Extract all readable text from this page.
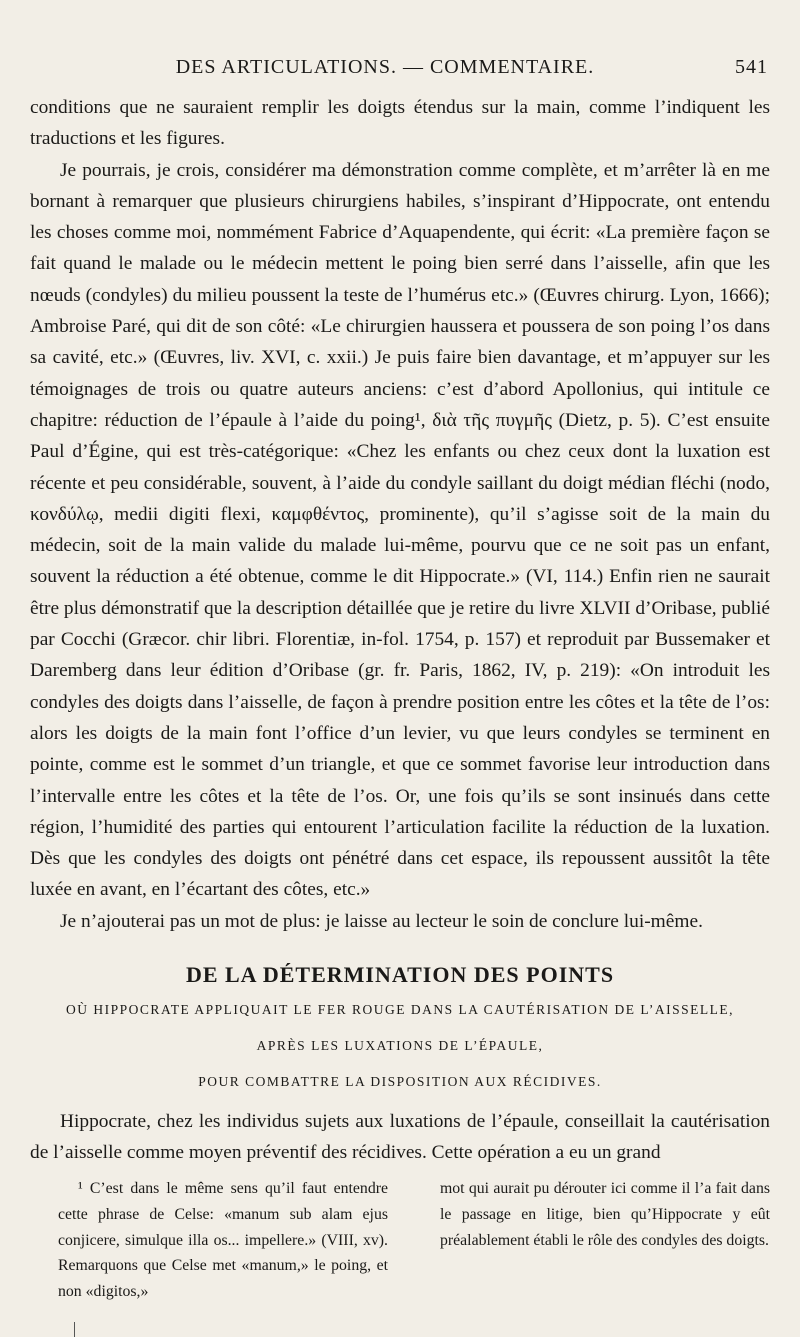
DES ARTICULATIONS. — COMMENTAIRE.	541

conditions que ne sauraient remplir les doigts étendus sur la main, comme l’indiquent les traductions et les figures.

Je pourrais, je crois, considérer ma démonstration comme complète, et m’arrêter là en me bornant à remarquer que plusieurs chirurgiens habiles, s’inspirant d’Hippocrate, ont entendu les choses comme moi, nommément Fabrice d’Aquapendente, qui écrit: «La première façon se fait quand le malade ou le médecin mettent le poing bien serré dans l’aisselle, afin que les nœuds (condyles) du milieu poussent la teste de l’humérus etc.» (Œuvres chirurg. Lyon, 1666); Ambroise Paré, qui dit de son côté: «Le chirurgien haussera et poussera de son poing l’os dans sa cavité, etc.» (Œuvres, liv. XVI, c. xxii.) Je puis faire bien davantage, et m’appuyer sur les témoignages de trois ou quatre auteurs anciens: c’est d’abord Apollonius, qui intitule ce chapitre: réduction de l’épaule à l’aide du poing¹, διὰ τῆς πυγμῆς (Dietz, p. 5). C’est ensuite Paul d’Égine, qui est très-catégorique: «Chez les enfants ou chez ceux dont la luxation est récente et peu considérable, souvent, à l’aide du condyle saillant du doigt médian fléchi (nodo, κονδύλῳ, medii digiti flexi, καμφθέντος, prominente), qu’il s’agisse soit de la main du médecin, soit de la main valide du malade lui-même, pourvu que ce ne soit pas un enfant, souvent la réduction a été obtenue, comme le dit Hippocrate.» (VI, 114.) Enfin rien ne saurait être plus démonstratif que la description détaillée que je retire du livre XLVII d’Oribase, publié par Cocchi (Græcor. chir libri. Florentiæ, in-fol. 1754, p. 157) et reproduit par Bussemaker et Daremberg dans leur édition d’Oribase (gr. fr. Paris, 1862, IV, p. 219): «On introduit les condyles des doigts dans l’aisselle, de façon à prendre position entre les côtes et la tête de l’os: alors les doigts de la main font l’office d’un levier, vu que leurs condyles se terminent en pointe, comme est le sommet d’un triangle, et que ce sommet favorise leur introduction dans l’intervalle entre les côtes et la tête de l’os. Or, une fois qu’ils se sont insinués dans cette région, l’humidité des parties qui entourent l’articulation facilite la réduction de la luxation. Dès que les condyles des doigts ont pénétré dans cet espace, ils repoussent aussitôt la tête luxée en avant, en l’écartant des côtes, etc.»

Je n’ajouterai pas un mot de plus: je laisse au lecteur le soin de conclure lui-même.

DE LA DÉTERMINATION DES POINTS
OÙ HIPPOCRATE APPLIQUAIT LE FER ROUGE DANS LA CAUTÉRISATION DE L’AISSELLE,
APRÈS LES LUXATIONS DE L’ÉPAULE,
POUR COMBATTRE LA DISPOSITION AUX RÉCIDIVES.

Hippocrate, chez les individus sujets aux luxations de l’épaule, conseillait la cautérisation de l’aisselle comme moyen préventif des récidives. Cette opération a eu un grand

¹ C’est dans le même sens qu’il faut entendre cette phrase de Celse: «manum sub alam ejus conjicere, simulque illa os... impellere.» (VIII, xv). Remarquons que Celse met «manum,» le poing, et non «digitos,»
mot qui aurait pu dérouter ici comme il l’a fait dans le passage en litige, bien qu’Hippocrate y eût préalablement établi le rôle des condyles des doigts.
